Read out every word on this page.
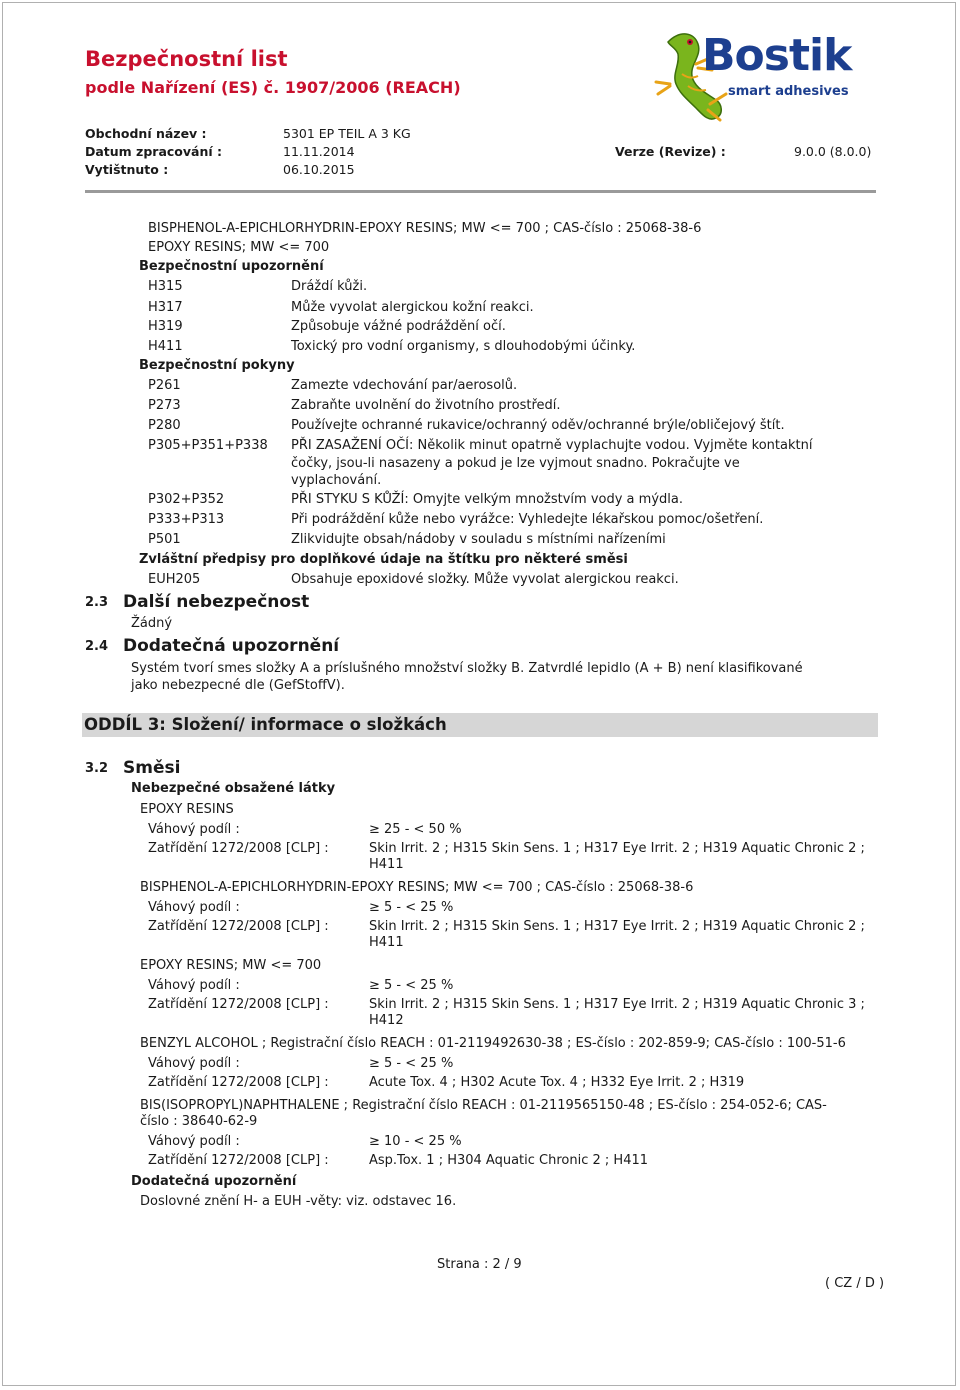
Bezpečnostní list
podle Nařízení (ES) č. 1907/2006 (REACH)
Obchodní název :	5301 EP TEIL A 3 KG
Datum zpracování :	11.11.2014	Verze (Revize) :	9.0.0 (8.0.0)
Vytištnuto :	06.10.2015
Bostik
smart adhesives
BISPHENOL-A-EPICHLORHYDRIN-EPOXY RESINS; MW <= 700 ; CAS-číslo : 25068-38-6
EPOXY RESINS; MW <= 700
Bezpečnostní upozornění
H315	Dráždí kůži.
H317	Může vyvolat alergickou kožní reakci.
H319	Způsobuje vážné podráždění očí.
H411	Toxický pro vodní organismy, s dlouhodobými účinky.
Bezpečnostní pokyny
P261	Zamezte vdechování par/aerosolů.
P273	Zabraňte uvolnění do životního prostředí.
P280	Používejte ochranné rukavice/ochranný oděv/ochranné brýle/obličejový štít.
P305+P351+P338 PŘI ZASAŽENÍ OČÍ: Několik minut opatrně vyplachujte vodou. Vyjměte kontaktní
čočky, jsou-li nasazeny a pokud je lze vyjmout snadno. Pokračujte ve
vyplachování.
P302+P352	PŘI STYKU S KŮŽÍ: Omyjte velkým množstvím vody a mýdla.
P333+P313	Při podráždění kůže nebo vyrážce: Vyhledejte lékařskou pomoc/ošetření.
P501	Zlikvidujte obsah/nádoby v souladu s místními nařízeními
Zvláštní předpisy pro doplňkové údaje na štítku pro některé směsi
EUH205	Obsahuje epoxidové složky. Může vyvolat alergickou reakci.
2.3 Další nebezpečnost
Žádný
2.4 Dodatečná upozornění
Systém tvorí smes složky A a príslušného množství složky B. Zatvrdlé lepidlo (A + B) není klasifikované
jako nebezpecné dle (GefStoffV).
ODDÍL 3: Složení/ informace o složkách
3.2 Směsi
Nebezpečné obsažené látky
EPOXY RESINS
Váhový podíl :	≥ 25 - < 50 %
Zatřídění 1272/2008 [CLP] :	Skin Irrit. 2 ; H315 Skin Sens. 1 ; H317 Eye Irrit. 2 ; H319 Aquatic Chronic 2 ;
H411
BISPHENOL-A-EPICHLORHYDRIN-EPOXY RESINS; MW <= 700 ; CAS-číslo : 25068-38-6
Váhový podíl :	≥ 5 - < 25 %
Zatřídění 1272/2008 [CLP] :	Skin Irrit. 2 ; H315 Skin Sens. 1 ; H317 Eye Irrit. 2 ; H319 Aquatic Chronic 2 ;
H411
EPOXY RESINS; MW <= 700
Váhový podíl :	≥ 5 - < 25 %
Zatřídění 1272/2008 [CLP] :	Skin Irrit. 2 ; H315 Skin Sens. 1 ; H317 Eye Irrit. 2 ; H319 Aquatic Chronic 3 ;
H412
BENZYL ALCOHOL ; Registrační číslo REACH : 01-2119492630-38 ; ES-číslo : 202-859-9; CAS-číslo : 100-51-6
Váhový podíl :	≥ 5 - < 25 %
Zatřídění 1272/2008 [CLP] :	Acute Tox. 4 ; H302 Acute Tox. 4 ; H332 Eye Irrit. 2 ; H319
BIS(ISOPROPYL)NAPHTHALENE ; Registrační číslo REACH : 01-2119565150-48 ; ES-číslo : 254-052-6; CAS-
číslo : 38640-62-9
Váhový podíl :	≥ 10 - < 25 %
Zatřídění 1272/2008 [CLP] :	Asp.Tox. 1 ; H304 Aquatic Chronic 2 ; H411
Dodatečná upozornění
Doslovné znění H- a EUH -věty: viz. odstavec 16.
Strana : 2 / 9
( CZ / D )
